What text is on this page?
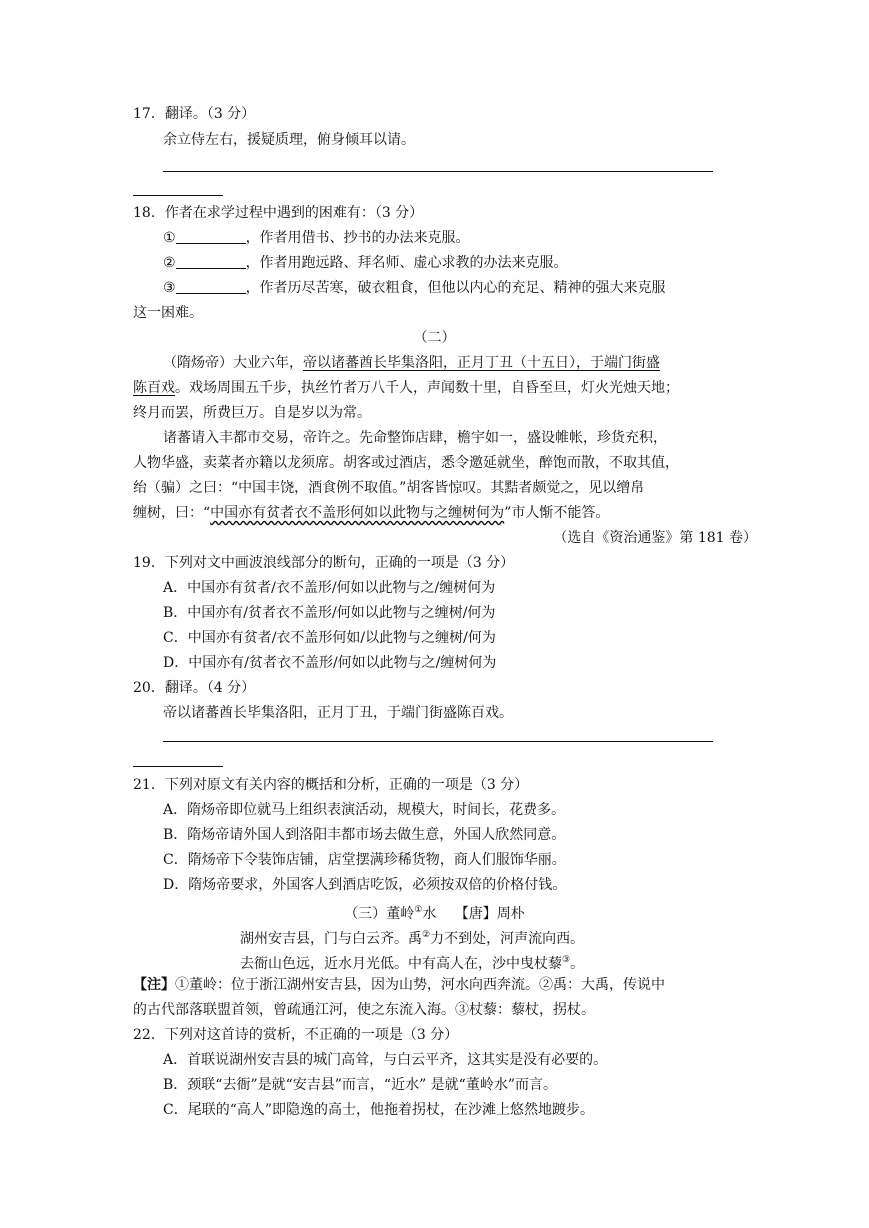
17．翻译。（3 分）
余立侍左右，援疑质理，俯身倾耳以请。
18．作者在求学过程中遇到的困难有：（3 分）
①	，作者用借书、抄书的办法来克服。
②	，作者用跑远路、拜名师、虚心求教的办法来克服。
③	，作者历尽苦寒，破衣粗食，但他以内心的充足、精神的强大来克服
这一困难。
（二）
（隋炀帝）大业六年，帝以诸蕃酋长毕集洛阳，正月丁丑（十五日），于端门街盛
陈百戏。戏场周围五千步，执丝竹者万八千人，声闻数十里，自昏至旦，灯火光烛天地；
终月而罢，所费巨万。自是岁以为常。
诸蕃请入丰都市交易，帝许之。先命整饰店肆，檐宇如一，盛设帷帐，珍货充积，
人物华盛，卖菜者亦籍以龙须席。胡客或过酒店，悉令邀延就坐，醉饱而散，不取其值，
绐（骗）之曰：“中国丰饶，酒食例不取值。”胡客皆惊叹。其黠者颇觉之，见以缯帛
缠树，曰：“中国亦有贫者衣不盖形何如以此物与之缠树何为”市人惭不能答。
（选自《资治通鉴》第 181 卷）
19．下列对文中画波浪线部分的断句，正确的一项是（3 分）
A．中国亦有贫者/衣不盖形/何如以此物与之/缠树何为
B．中国亦有/贫者衣不盖形/何如以此物与之缠树/何为
C．中国亦有贫者/衣不盖形何如/以此物与之缠树/何为
D．中国亦有/贫者衣不盖形/何如以此物与之/缠树何为
20．翻译。（4 分）
帝以诸蕃酋长毕集洛阳，正月丁丑，于端门街盛陈百戏。
21．下列对原文有关内容的概括和分析，正确的一项是（3 分）
A．隋炀帝即位就马上组织表演活动，规模大，时间长，花费多。
B．隋炀帝请外国人到洛阳丰都市场去做生意，外国人欣然同意。
C．隋炀帝下令装饰店铺，店堂摆满珍稀货物，商人们服饰华丽。
D．隋炀帝要求，外国客人到酒店吃饭，必须按双倍的价格付钱。
（三）董岭①水　 【唐】周朴
湖州安吉县，门与白云齐。禹②力不到处，河声流向西。
去衙山色远，近水月光低。中有高人在，沙中曳杖藜③。
【注】①董岭：位于浙江湖州安吉县，因为山势，河水向西奔流。②禹：大禹，传说中
的古代部落联盟首领，曾疏通江河，使之东流入海。③杖藜：藜杖，拐杖。
22．下列对这首诗的赏析，不正确的一项是（3 分）
A．首联说湖州安吉县的城门高耸，与白云平齐，这其实是没有必要的。
B．颈联“去衙”是就“安吉县”而言，“近水” 是就“董岭水”而言。
C．尾联的“高人”即隐逸的高士，他拖着拐杖，在沙滩上悠然地踱步。
